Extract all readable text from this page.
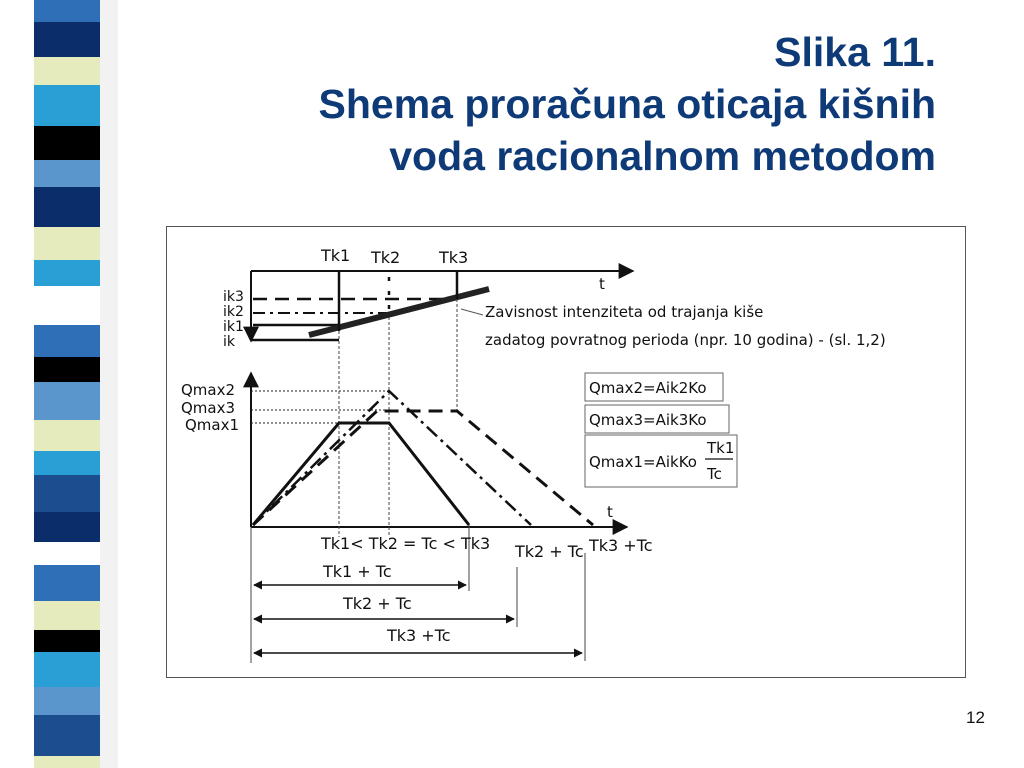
Slika 11.
Shema proračuna oticaja kišnih
voda racionalnom metodom
t
Tk1 Tk2 Tk3
ik3
ik2
ik1
ik
Zavisnost intenziteta od trajanja kiše
zadatog povratnog perioda (npr. 10 godina) - (sl. 1,2)
t
Qmax2
Qmax3
Qmax1
Tk1< Tk2 = Tc < Tk3 Tk2 + Tc Tk3 +Tc
Tk1 + Tc
Tk2 + Tc
Tk3 +Tc
Qmax2=Aik2Ko
Qmax3=Aik3Ko
Qmax1=AikKo
Tk1
Tc
12
